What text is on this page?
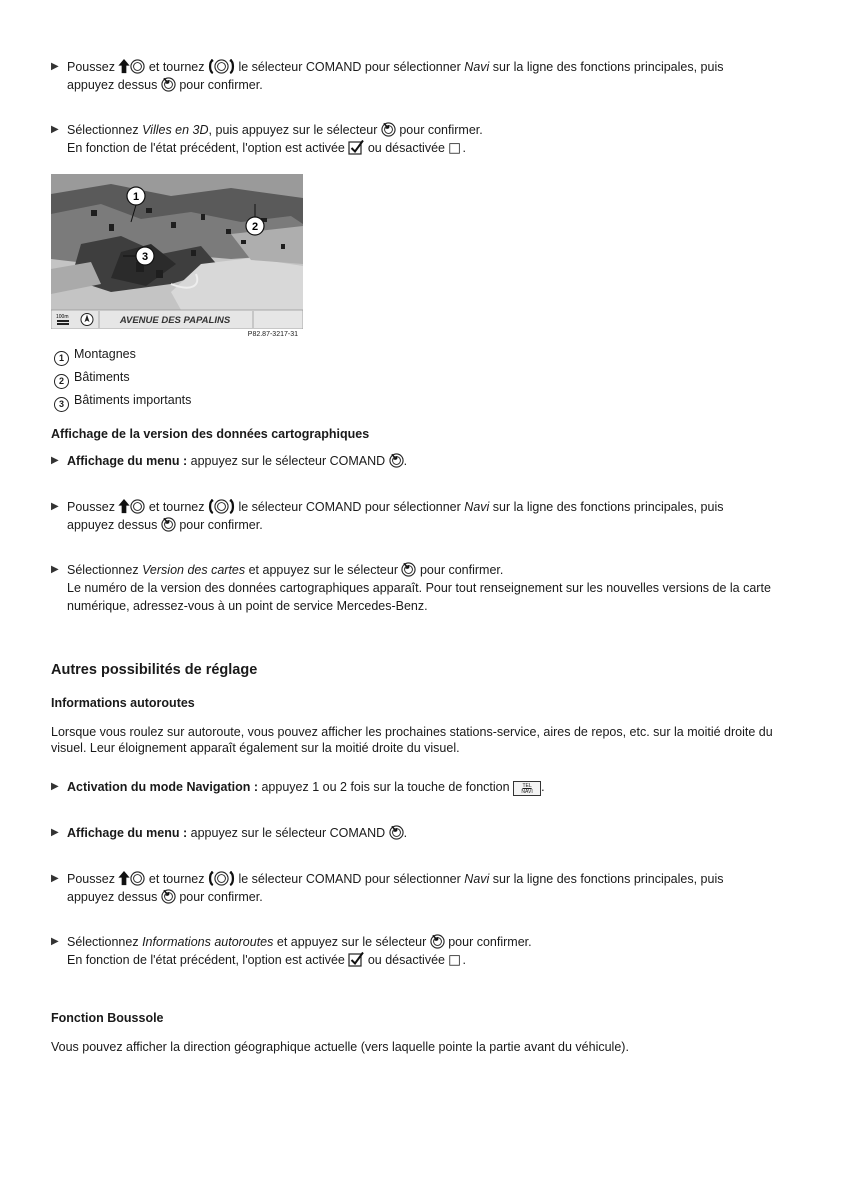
▶ Poussez	et tournez	le sélecteur COMAND pour sélectionner Navi sur la ligne des fonctions principales, puis
appuyez dessus pour confirmer.
▶ Sélectionnez Villes en 3D, puis appuyez sur le sélecteur pour confirmer.
En fonction de l'état précédent, l'option est activée ou désactivée .
1
2
3
100m	AVENUE DES PAPALINS
P82.87-3217-31
1 Montagnes
2 Bâtiments
3 Bâtiments importants
Affichage de la version des données cartographiques
▶ Affichage du menu : appuyez sur le sélecteur COMAND .
▶ Poussez	et tournez	le sélecteur COMAND pour sélectionner Navi sur la ligne des fonctions principales, puis
appuyez dessus pour confirmer.
▶ Sélectionnez Version des cartes et appuyez sur le sélecteur pour confirmer.
Le numéro de la version des données cartographiques apparaît. Pour tout renseignement sur les nouvelles versions de la carte
numérique, adressez-vous à un point de service Mercedes-Benz.
Autres possibilités de réglage
Informations autoroutes
Lorsque vous roulez sur autoroute, vous pouvez afficher les prochaines stations-service, aires de repos, etc. sur la moitié droite du
visuel. Leur éloignement apparaît également sur la moitié droite du visuel.
▶ Activation du mode Navigation : appuyez 1 ou 2 fois sur la touche de fonction	TEL
NAVI .
▶ Affichage du menu : appuyez sur le sélecteur COMAND .
▶ Poussez	et tournez	le sélecteur COMAND pour sélectionner Navi sur la ligne des fonctions principales, puis
appuyez dessus pour confirmer.
▶ Sélectionnez Informations autoroutes et appuyez sur le sélecteur pour confirmer.
En fonction de l'état précédent, l'option est activée ou désactivée .
Fonction Boussole
Vous pouvez afficher la direction géographique actuelle (vers laquelle pointe la partie avant du véhicule).
